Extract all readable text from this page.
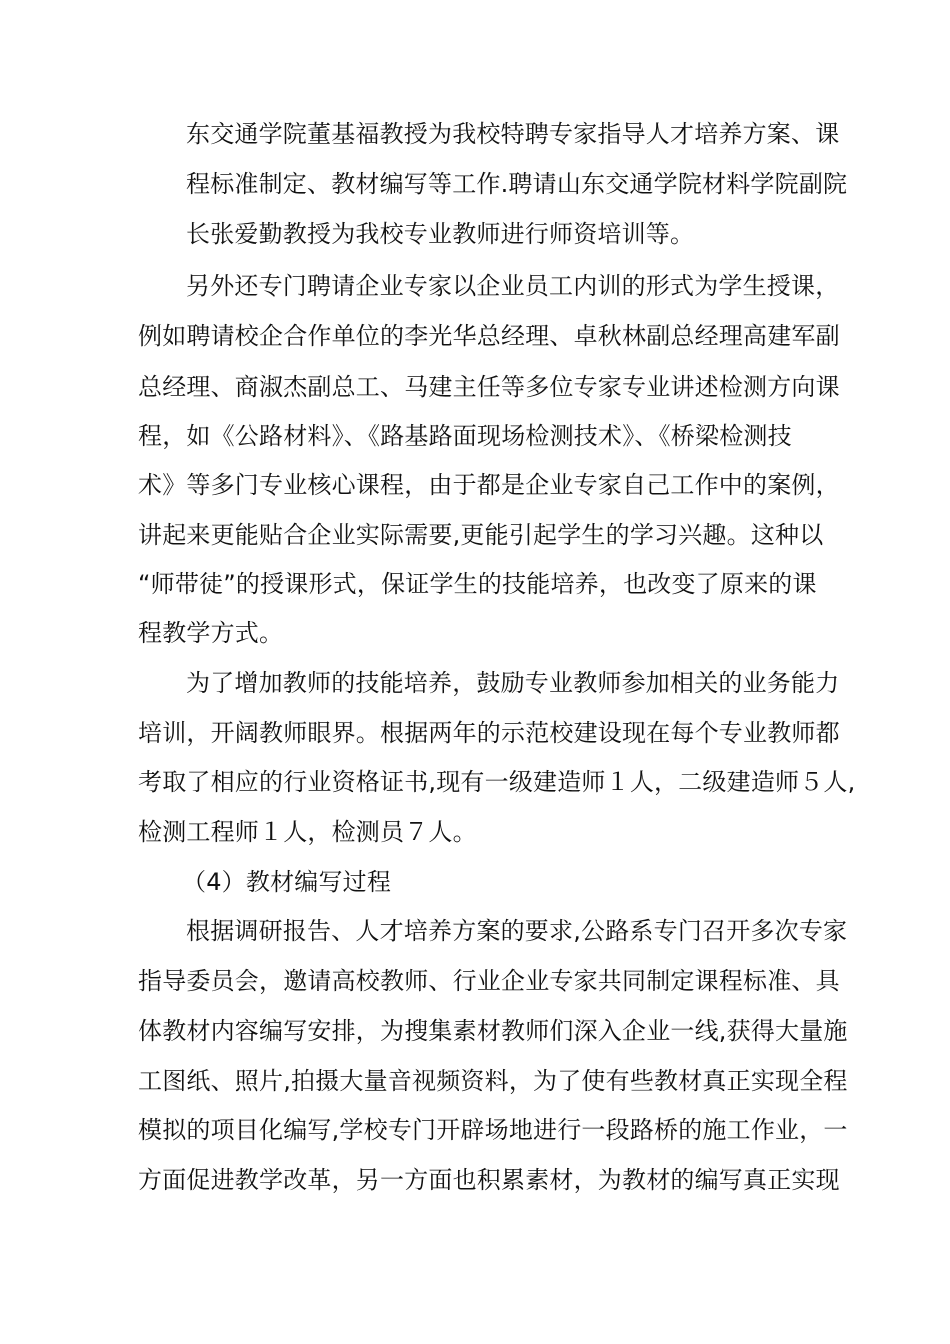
东交通学院董基福教授为我校特聘专家指导人才培养方案、课
程标准制定、教材编写等工作.聘请山东交通学院材料学院副院
长张爱勤教授为我校专业教师进行师资培训等。
另外还专门聘请企业专家以企业员工内训的形式为学生授课，
例如聘请校企合作单位的李光华总经理、卓秋林副总经理高建军副
总经理、商淑杰副总工、马建主任等多位专家专业讲述检测方向课
程，如《公路材料》、《路基路面现场检测技术》、《桥梁检测技
术》等多门专业核心课程，由于都是企业专家自己工作中的案例，
讲起来更能贴合企业实际需要,更能引起学生的学习兴趣。这种以
“师带徒”的授课形式，保证学生的技能培养，也改变了原来的课
程教学方式。
为了增加教师的技能培养，鼓励专业教师参加相关的业务能力
培训，开阔教师眼界。根据两年的示范校建设现在每个专业教师都
考取了相应的行业资格证书,现有一级建造师１人，二级建造师５人,
检测工程师１人，检测员７人。
（4）教材编写过程
根据调研报告、人才培养方案的要求,公路系专门召开多次专家
指导委员会，邀请高校教师、行业企业专家共同制定课程标准、具
体教材内容编写安排，为搜集素材教师们深入企业一线,获得大量施
工图纸、照片,拍摄大量音视频资料，为了使有些教材真正实现全程
模拟的项目化编写,学校专门开辟场地进行一段路桥的施工作业，一
方面促进教学改革，另一方面也积累素材，为教材的编写真正实现
